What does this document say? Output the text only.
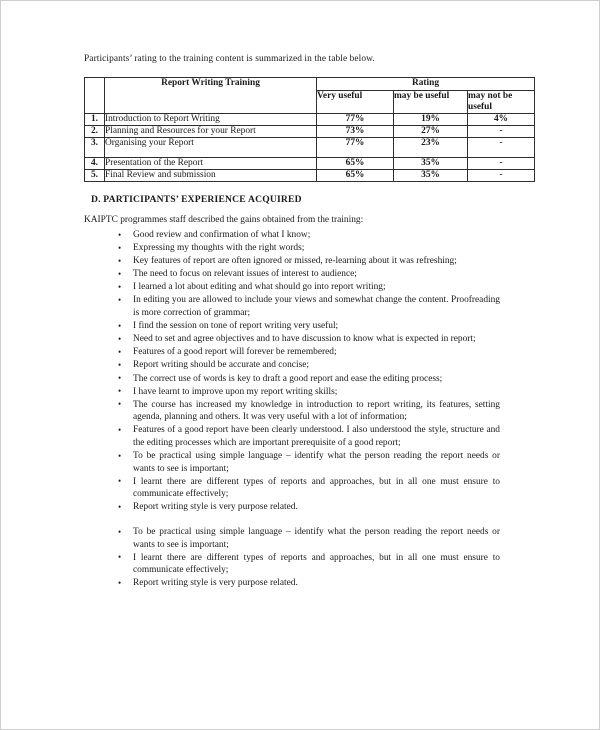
Participants’ rating to the training content is summarized in the table below.

	Report Writing Training	Rating		
		Very useful	may be useful	may not be useful
1.	Introduction to Report Writing	77%	19%	4%
2.	Planning and Resources for your Report	73%	27%	-
3.	Organising your Report	77%	23%	-
4.	Presentation of the Report	65%	35%	-
5.	Final Review and submission	65%	35%	-
D. PARTICIPANTS’ EXPERIENCE ACQUIRED

KAIPTC programmes staff described the gains obtained from the training:

• Good review and confirmation of what I know;
• Expressing my thoughts with the right words;
• Key features of report are often ignored or missed, re-learning about it was refreshing;
• The need to focus on relevant issues of interest to audience;
• I learned a lot about editing and what should go into report writing;
• In editing you are allowed to include your views and somewhat change the content. Proofreading is more correction of grammar;
• I find the session on tone of report writing very useful;
• Need to set and agree objectives and to have discussion to know what is expected in report;
• Features of a good report will forever be remembered;
• Report writing should be accurate and concise;
• The correct use of words is key to draft a good report and ease the editing process;
• I have learnt to improve upon my report writing skills;
• The course has increased my knowledge in introduction to report writing, its features, setting agenda, planning and others. It was very useful with a lot of information;
• Features of a good report have been clearly understood. I also understood the style, structure and the editing processes which are important prerequisite of a good report;
• To be practical using simple language – identify what the person reading the report needs or wants to see is important;
• I learnt there are different types of reports and approaches, but in all one must ensure to communicate effectively;
• Report writing style is very purpose related.
• To be practical using simple language – identify what the person reading the report needs or wants to see is important;
• I learnt there are different types of reports and approaches, but in all one must ensure to communicate effectively;
• Report writing style is very purpose related.
